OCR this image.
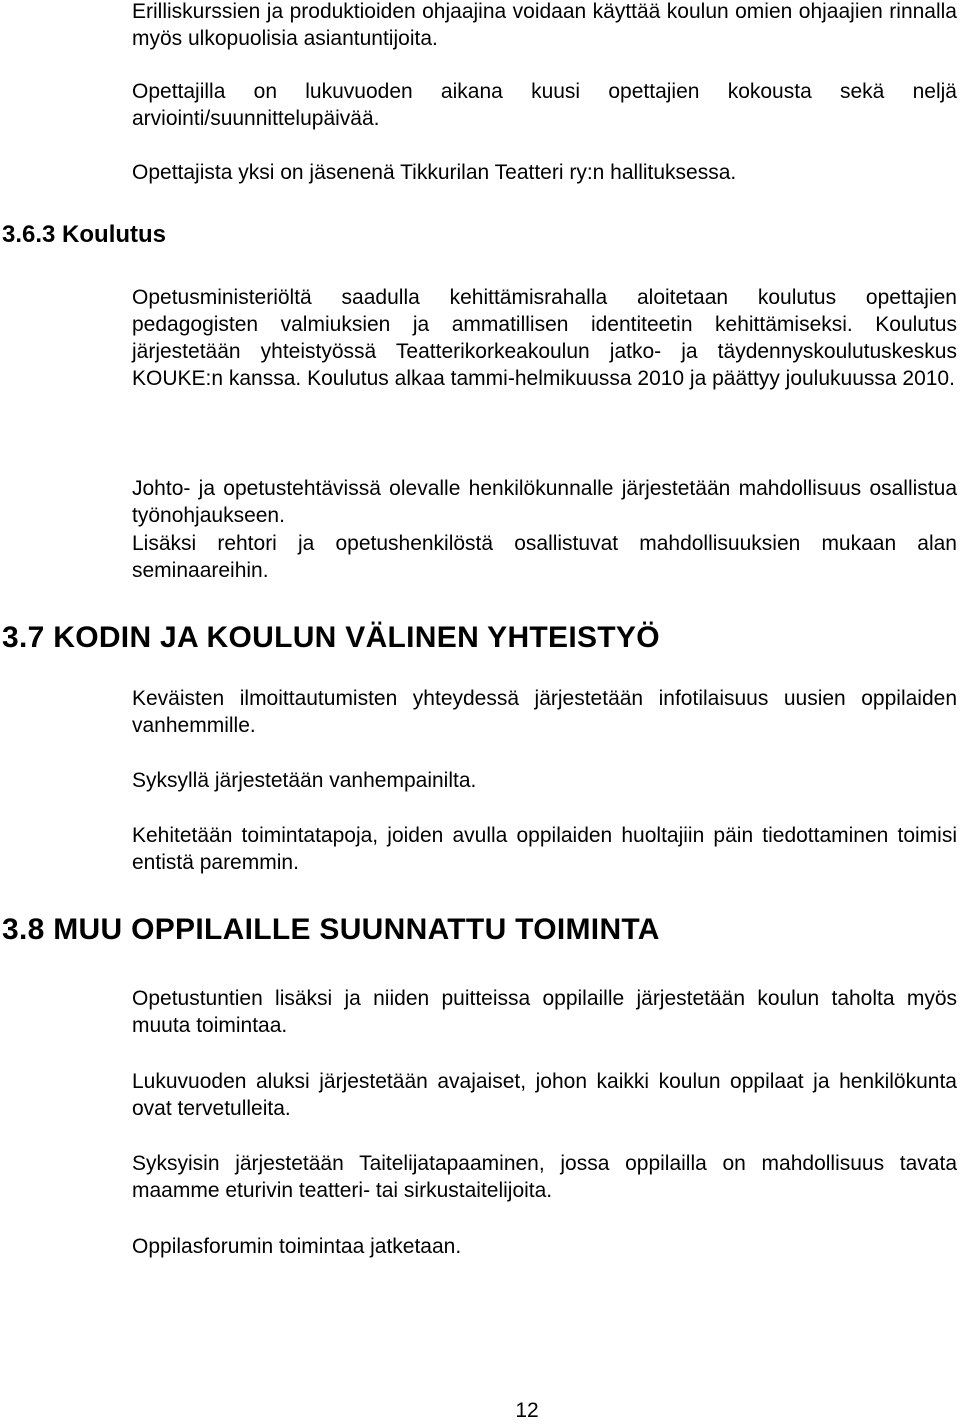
Erilliskurssien ja produktioiden ohjaajina voidaan käyttää koulun omien ohjaajien rinnalla myös ulkopuolisia asiantuntijoita.

Opettajilla on lukuvuoden aikana kuusi opettajien kokousta sekä neljä arviointi/suunnittelupäivää.

Opettajista yksi on jäsenenä Tikkurilan Teatteri ry:n hallituksessa.

3.6.3 Koulutus

Opetusministeriöltä saadulla kehittämisrahalla aloitetaan koulutus opettajien pedagogisten valmiuksien ja ammatillisen identiteetin kehittämiseksi. Koulutus järjestetään yhteistyössä Teatterikorkeakoulun jatko- ja täydennyskoulutuskeskus KOUKE:n kanssa. Koulutus alkaa tammi-helmikuussa 2010 ja päättyy joulukuussa 2010.

Johto- ja opetustehtävissä olevalle henkilökunnalle järjestetään mahdollisuus osallistua työnohjaukseen.

Lisäksi rehtori ja opetushenkilöstä osallistuvat mahdollisuuksien mukaan alan seminaareihin.

3.7 KODIN JA KOULUN VÄLINEN YHTEISTYÖ

Keväisten ilmoittautumisten yhteydessä järjestetään infotilaisuus uusien oppilaiden vanhemmille.

Syksyllä järjestetään vanhempainilta.

Kehitetään toimintatapoja, joiden avulla oppilaiden huoltajiin päin tiedottaminen toimisi entistä paremmin.

3.8 MUU OPPILAILLE SUUNNATTU TOIMINTA

Opetustuntien lisäksi ja niiden puitteissa oppilaille järjestetään koulun taholta myös muuta toimintaa.

Lukuvuoden aluksi järjestetään avajaiset, johon kaikki koulun oppilaat ja henkilökunta ovat tervetulleita.

Syksyisin järjestetään Taitelijatapaaminen, jossa oppilailla on mahdollisuus tavata maamme eturivin teatteri- tai sirkustaitelijoita.

Oppilasforumin toimintaa jatketaan.

12
